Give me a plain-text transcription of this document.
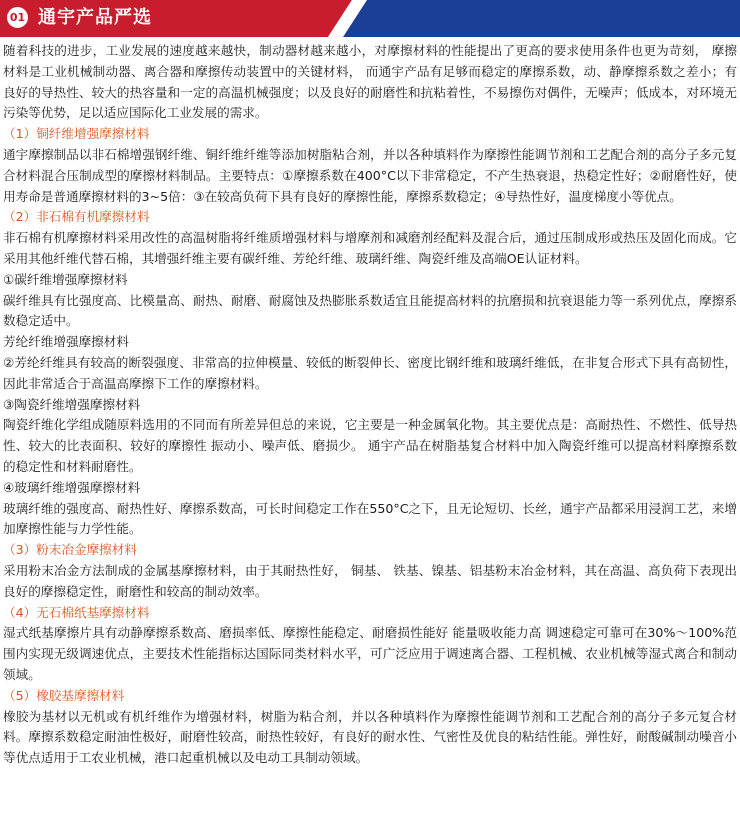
01 通宇产品严选

随着科技的进步，工业发展的速度越来越快，制动器材越来越小，对摩擦材料的性能提出了更高的要求使用条件也更为苛刻， 摩擦材料是工业机械制动器、离合器和摩擦传动装置中的关键材料， 而通宇产品有足够而稳定的摩擦系数，动、静摩擦系数之差小；有良好的导热性、较大的热容量和一定的高温机械强度；以及良好的耐磨性和抗粘着性，不易擦伤对偶件，无噪声；低成本，对环境无污染等优势，足以适应国际化工业发展的需求。

（1）铜纤维增强摩擦材料

通宇摩擦制品以非石棉增强钢纤维、铜纤维纤维等添加树脂粘合剂，并以各种填料作为摩擦性能调节剂和工艺配合剂的高分子多元复合材料混合压制成型的摩擦材料制品。主要特点：①摩擦系数在400°C以下非常稳定，不产生热衰退，热稳定性好；②耐磨性好，使用寿命是普通摩擦材料的3~5倍：③在较高负荷下具有良好的摩擦性能，摩擦系数稳定；④导热性好，温度梯度小等优点。

（2）非石棉有机摩擦材料

非石棉有机摩擦材料采用改性的高温树脂将纤维质增强材料与增摩剂和减磨剂经配料及混合后，通过压制成形或热压及固化而成。它采用其他纤维代替石棉，其增强纤维主要有碳纤维、芳纶纤维、玻璃纤维、陶瓷纤维及高端OE认证材料。

①碳纤维增强摩擦材料

碳纤维具有比强度高、比模量高、耐热、耐磨、耐腐蚀及热膨胀系数适宜且能提高材料的抗磨损和抗衰退能力等一系列优点，摩擦系数稳定适中。

芳纶纤维增强摩擦材料

②芳纶纤维具有较高的断裂强度、非常高的拉伸模量、较低的断裂伸长、密度比钢纤维和玻璃纤维低，在非复合形式下具有高韧性， 因此非常适合于高温高摩擦下工作的摩擦材料。

③陶瓷纤维增强摩擦材料

陶瓷纤维化学组成随原料选用的不同而有所差异但总的来说，它主要是一种金属氧化物。其主要优点是：高耐热性、不燃性、低导热性、较大的比表面积、较好的摩擦性 振动小、噪声低、磨损少。 通宇产品在树脂基复合材料中加入陶瓷纤维可以提高材料摩擦系数的稳定性和材料耐磨性。

④玻璃纤维增强摩擦材料

玻璃纤维的强度高、耐热性好、摩擦系数高，可长时间稳定工作在550°C之下，且无论短切、长丝，通宇产品都采用浸润工艺，来增加摩擦性能与力学性能。

（3）粉末冶金摩擦材料

采用粉末冶金方法制成的金属基摩擦材料，由于其耐热性好， 铜基、 铁基、镍基、铝基粉末冶金材料，其在高温、高负荷下表现出良好的摩擦稳定性，耐磨性和较高的制动效率。

（4）无石棉纸基摩擦材料

湿式纸基摩擦片具有动静摩擦系数高、磨损率低、摩擦性能稳定、耐磨损性能好 能量吸收能力高 调速稳定可靠可在30%～100%范围内实现无级调速优点，主要技术性能指标达国际同类材料水平，可广泛应用于调速离合器、工程机械、农业机械等湿式离合和制动领域。

（5）橡胶基摩擦材料

橡胶为基材以无机或有机纤维作为增强材料，树脂为粘合剂，并以各种填料作为摩擦性能调节剂和工艺配合剂的高分子多元复合材料。摩擦系数稳定耐油性极好，耐磨性较高，耐热性较好，有良好的耐水性、气密性及优良的粘结性能。弹性好，耐酸碱制动噪音小等优点适用于工农业机械，港口起重机械以及电动工具制动领域。
